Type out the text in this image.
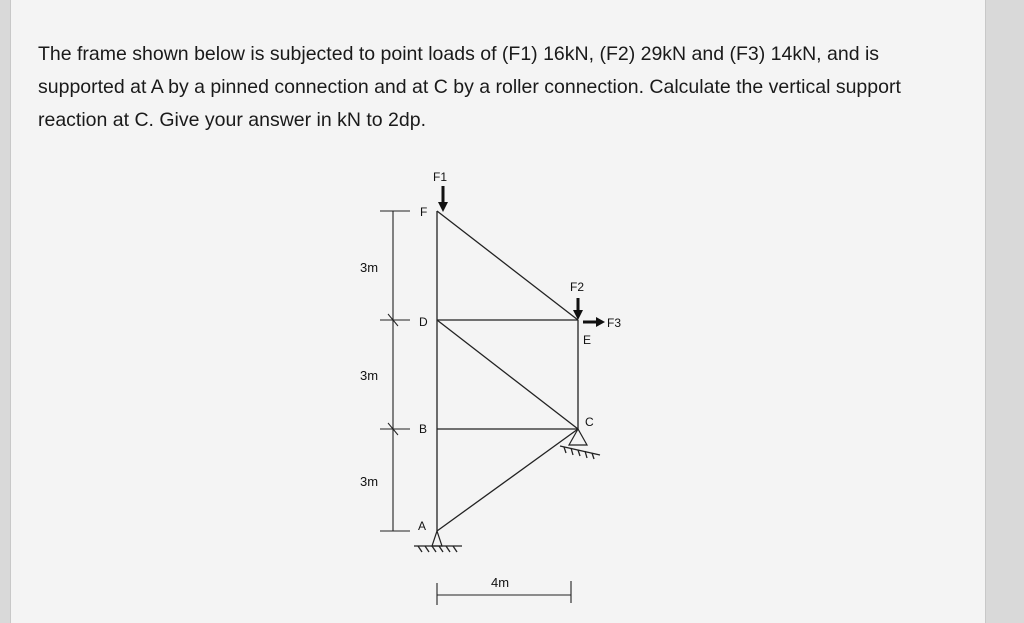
The frame shown below is subjected to point loads of (F1) 16kN, (F2) 29kN and (F3) 14kN, and is supported at A by a pinned connection and at C by a roller connection. Calculate the vertical support reaction at C. Give your answer in kN to 2dp.

F1
F2
F3
F
D
B
A
E
C
3m
3m
3m
4m
